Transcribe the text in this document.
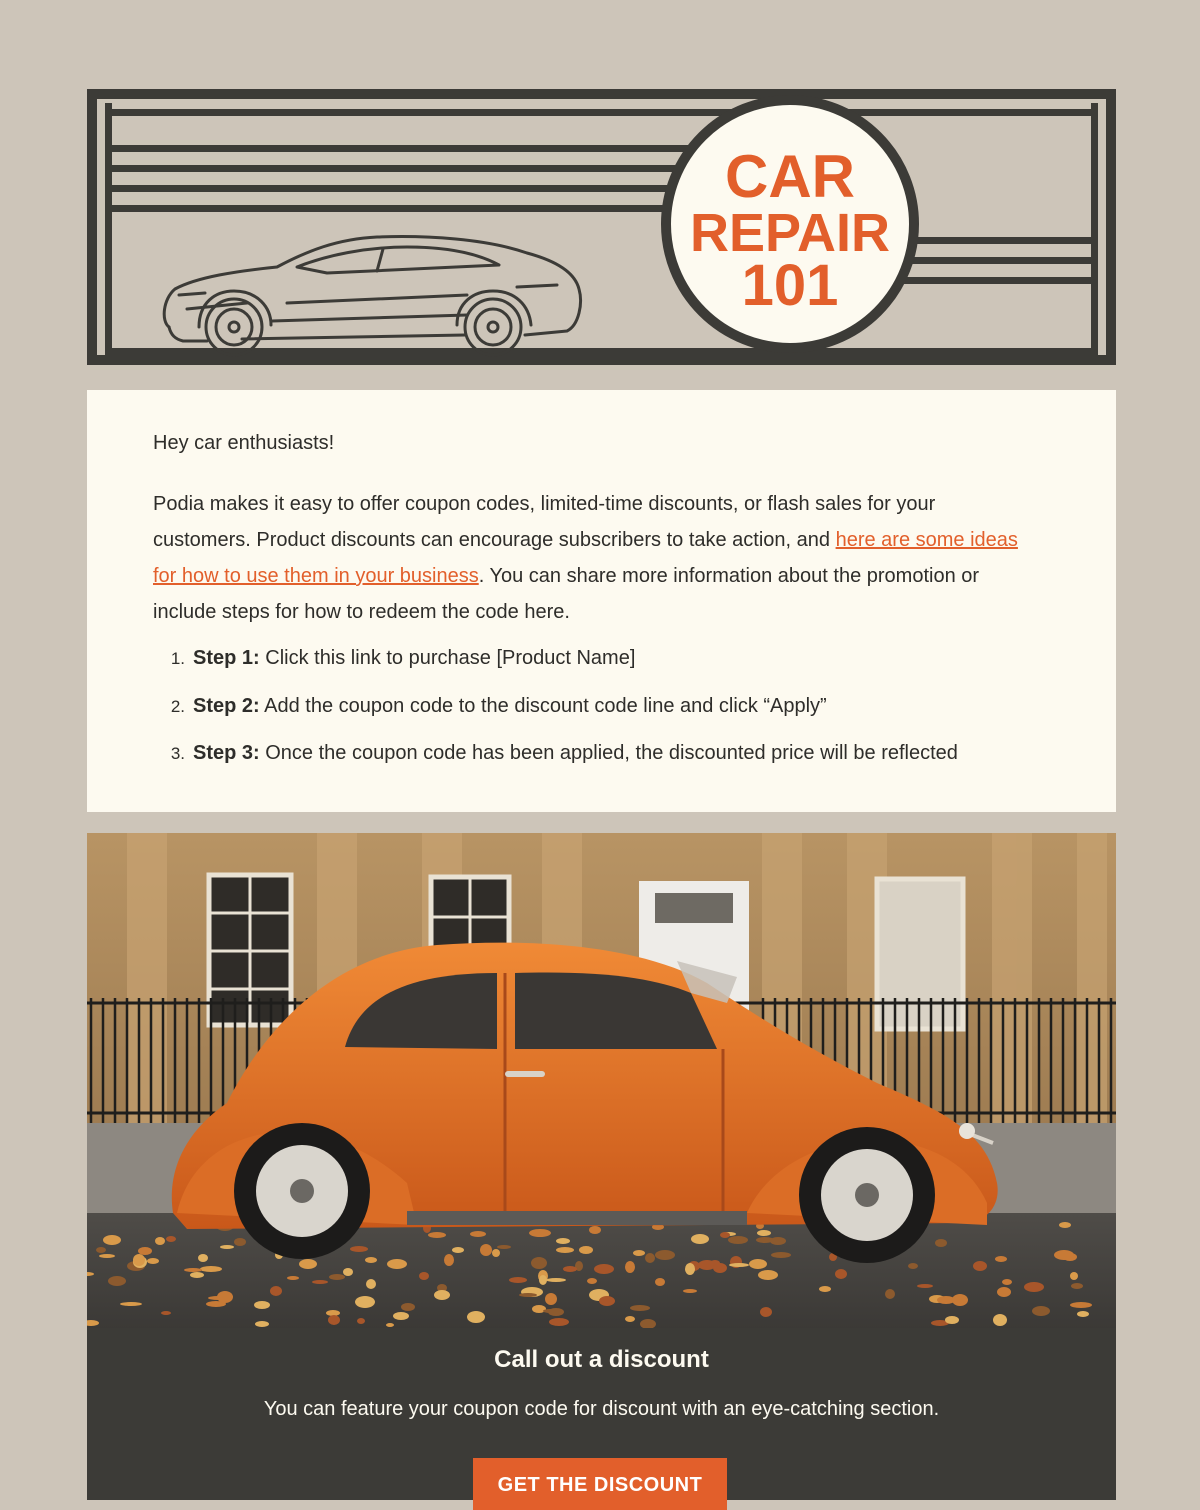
CAR
REPAIR
101

Hey car enthusiasts!

Podia makes it easy to offer coupon codes, limited-time discounts, or flash sales for your customers. Product discounts can encourage subscribers to take action, and here are some ideas for how to use them in your business. You can share more information about the promotion or include steps for how to redeem the code here.

1. Step 1: Click this link to purchase [Product Name]
2. Step 2: Add the coupon code to the discount code line and click “Apply”
3. Step 3: Once the coupon code has been applied, the discounted price will be reflected
Call out a discount

You can feature your coupon code for discount with an eye-catching section.

GET THE DISCOUNT
